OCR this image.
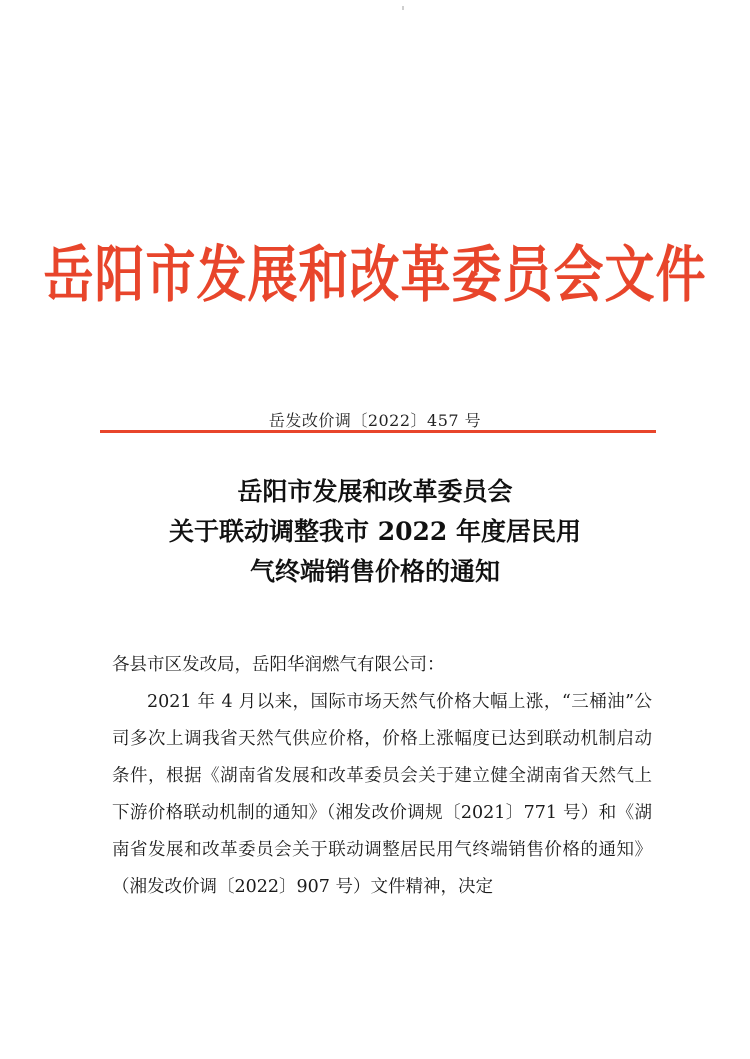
岳阳市发展和改革委员会文件
岳发改价调〔2022〕457 号
岳阳市发展和改革委员会
关于联动调整我市 2022 年度居民用
气终端销售价格的通知
各县市区发改局，岳阳华润燃气有限公司：
2021 年 4 月以来，国际市场天然气价格大幅上涨，“三桶油”公司多次上调我省天然气供应价格，价格上涨幅度已达到联动机制启动条件，根据《湖南省发展和改革委员会关于建立健全湖南省天然气上下游价格联动机制的通知》（湘发改价调规〔2021〕771 号）和《湖南省发展和改革委员会关于联动调整居民用气终端销售价格的通知》（湘发改价调〔2022〕907 号）文件精神，决定
